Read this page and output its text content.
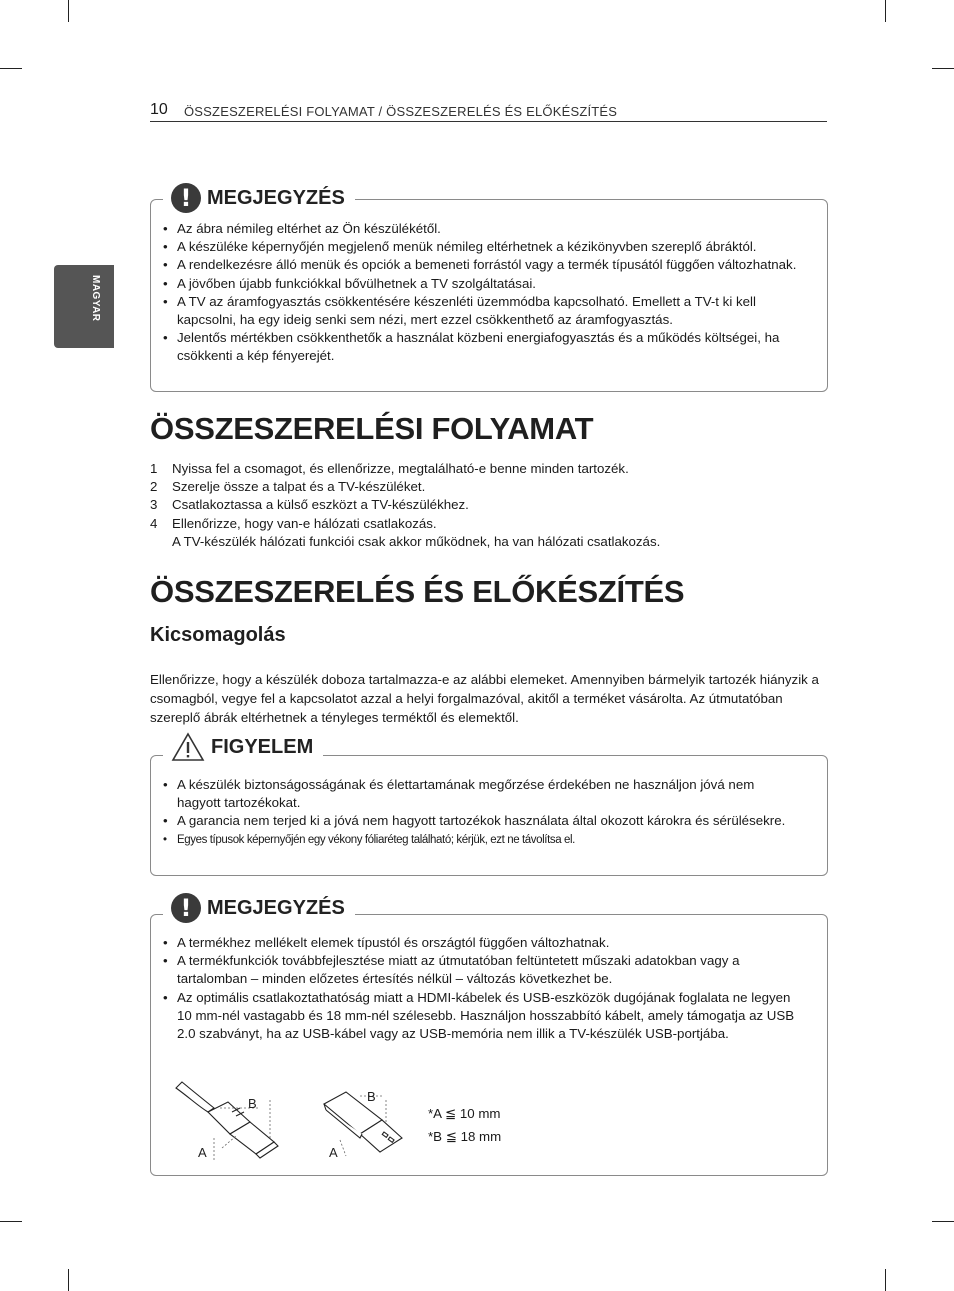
10 ÖSSZESZERELÉSI FOLYAMAT / ÖSSZESZERELÉS ÉS ELŐKÉSZÍTÉS
MAGYAR
! MEGJEGYZÉS
• Az ábra némileg eltérhet az Ön készülékétől.
• A készüléke képernyőjén megjelenő menük némileg eltérhetnek a kézikönyvben szereplő ábráktól.
• A rendelkezésre álló menük és opciók a bemeneti forrástól vagy a termék típusától függően változhatnak.
• A jövőben újabb funkciókkal bővülhetnek a TV szolgáltatásai.
• A TV az áramfogyasztás csökkentésére készenléti üzemmódba kapcsolható. Emellett a TV-t ki kell kapcsolni, ha egy ideig senki sem nézi, mert ezzel csökkenthető az áramfogyasztás.
• Jelentős mértékben csökkenthetők a használat közbeni energiafogyasztás és a működés költségei, ha csökkenti a kép fényerejét.
ÖSSZESZERELÉSI FOLYAMAT
1 Nyissa fel a csomagot, és ellenőrizze, megtalálható-e benne minden tartozék.
2 Szerelje össze a talpat és a TV-készüléket.
3 Csatlakoztassa a külső eszközt a TV-készülékhez.
4 Ellenőrizze, hogy van-e hálózati csatlakozás.
A TV-készülék hálózati funkciói csak akkor működnek, ha van hálózati csatlakozás.
ÖSSZESZERELÉS ÉS ELŐKÉSZÍTÉS
Kicsomagolás

Ellenőrizze, hogy a készülék doboza tartalmazza-e az alábbi elemeket. Amennyiben bármelyik tartozék hiányzik a csomagból, vegye fel a kapcsolatot azzal a helyi forgalmazóval, akitől a terméket vásárolta. Az útmutatóban szereplő ábrák eltérhetnek a tényleges terméktől és elemektől.

FIGYELEM
• A készülék biztonságosságának és élettartamának megőrzése érdekében ne használjon jóvá nem hagyott tartozékokat.
• A garancia nem terjed ki a jóvá nem hagyott tartozékok használata által okozott károkra és sérülésekre.
• Egyes típusok képernyőjén egy vékony fóliaréteg található; kérjük, ezt ne távolítsa el.
! MEGJEGYZÉS
• A termékhez mellékelt elemek típustól és országtól függően változhatnak.
• A termékfunkciók továbbfejlesztése miatt az útmutatóban feltüntetett műszaki adatokban vagy a tartalomban – minden előzetes értesítés nélkül – változás következhet be.
• Az optimális csatlakoztathatóság miatt a HDMI-kábelek és USB-eszközök dugójának foglalata ne legyen 10 mm-nél vastagabb és 18 mm-nél szélesebb. Használjon hosszabbító kábelt, amely támogatja az USB 2.0 szabványt, ha az USB-kábel vagy az USB-memória nem illik a TV-készülék USB-portjába.
B
A
B
A
*A ≦ 10 mm
*B ≦ 18 mm
